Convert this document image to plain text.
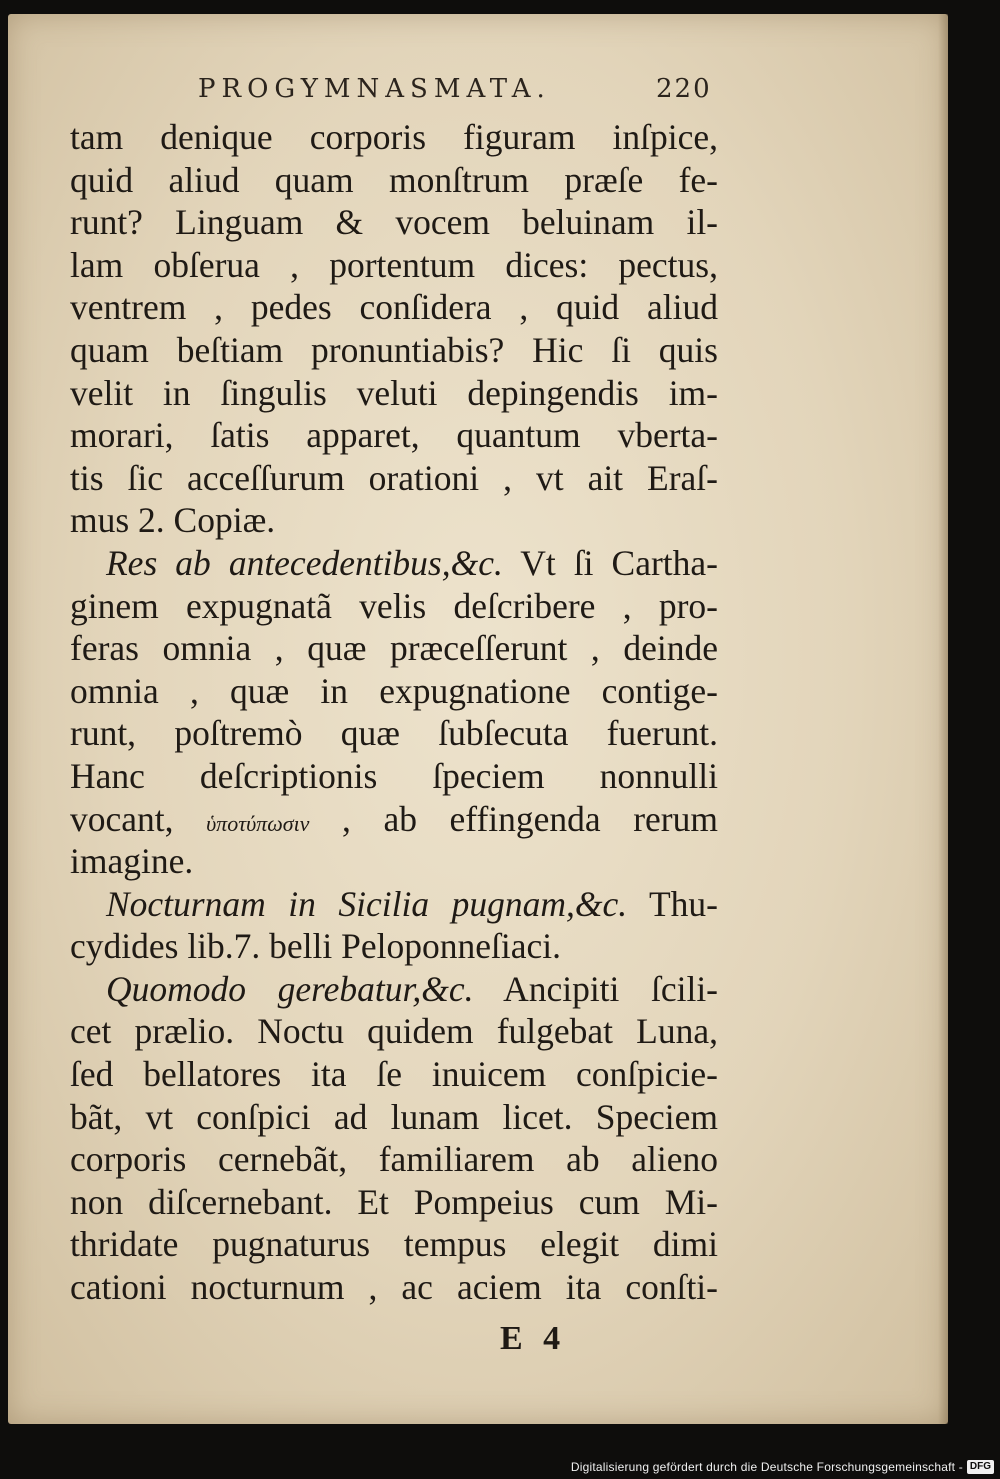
PROGYMNASMATA.	220
tam denique corporis figuram inſpice,
quid aliud quam monſtrum præſe fe-
runt? Linguam & vocem beluinam il-
lam obſerua , portentum dices: pectus,
ventrem , pedes conſidera , quid aliud
quam beſtiam pronuntiabis? Hic ſi quis
velit in ſingulis veluti depingendis im-
morari, ſatis apparet, quantum vberta-
tis ſic acceſſurum orationi , vt ait Eraſ-
mus 2. Copiæ.
Res ab antecedentibus,&c. Vt ſi Cartha-
ginem expugnatã velis deſcribere , pro-
feras omnia , quæ præceſſerunt , deinde
omnia , quæ in expugnatione contige-
runt, poſtremò quæ ſubſecuta fuerunt.
Hanc deſcriptionis ſpeciem nonnulli
vocant, ὑποτύπωσιν , ab effingenda rerum
imagine.
Nocturnam in Sicilia pugnam,&c. Thu-
cydides lib.7. belli Peloponneſiaci.
Quomodo gerebatur,&c. Ancipiti ſcili-
cet prælio. Noctu quidem fulgebat Luna,
ſed bellatores ita ſe inuicem conſpicie-
bãt, vt conſpici ad lunam licet. Speciem
corporis cernebãt, familiarem ab alieno
non diſcernebant. Et Pompeius cum Mi-
thridate pugnaturus tempus elegit dimi
cationi nocturnum , ac aciem ita conſti-
E 4
Digitalisierung gefördert durch die Deutsche Forschungsgemeinschaft - DFG
